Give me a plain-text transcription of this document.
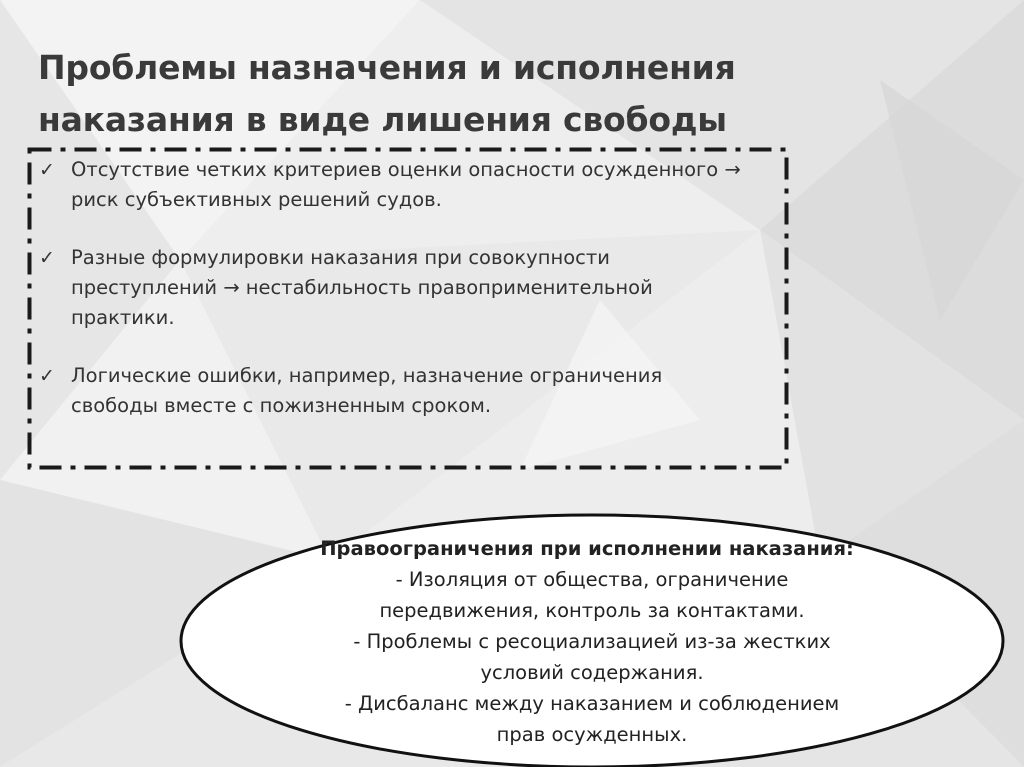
Проблемы назначения и исполнения
наказания в виде лишения свободы
✓ Отсутствие четких критериев оценки опасности осужденного →
риск субъективных решений судов.
✓ Разные формулировки наказания при совокупности
преступлений → нестабильность правоприменительной
практики.
✓ Логические ошибки, например, назначение ограничения
свободы вместе с пожизненным сроком.
Правоограничения при исполнении наказания:
- Изоляция от общества, ограничение
передвижения, контроль за контактами.
- Проблемы с ресоциализацией из-за жестких
условий содержания.
- Дисбаланс между наказанием и соблюдением
прав осужденных.
